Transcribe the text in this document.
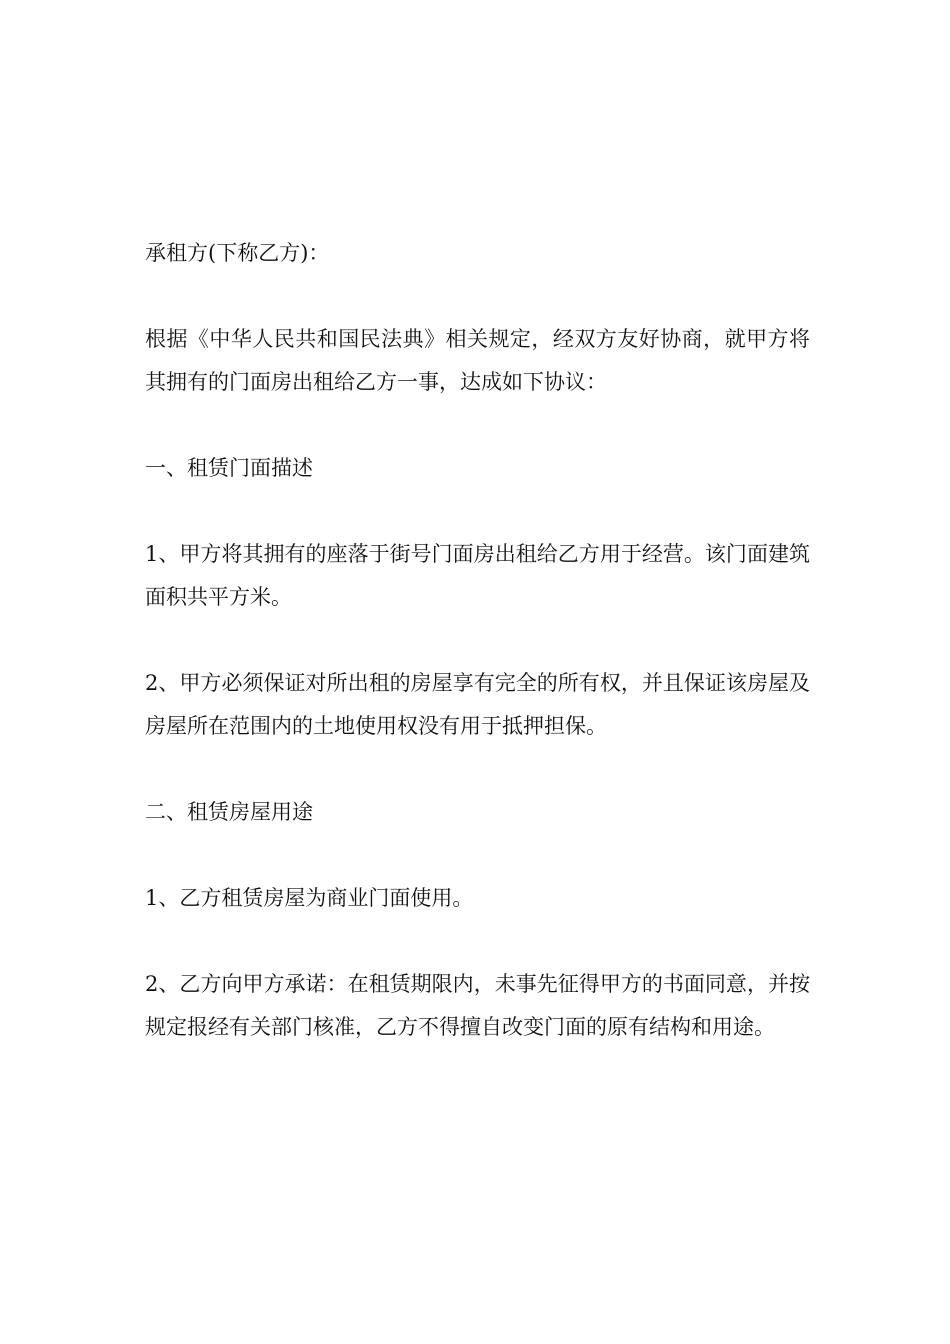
承租方(下称乙方)：

根据《中华人民共和国民法典》相关规定，经双方友好协商，就甲方将其拥有的门面房出租给乙方一事，达成如下协议：

一、租赁门面描述

1、甲方将其拥有的座落于街号门面房出租给乙方用于经营。该门面建筑面积共平方米。

2、甲方必须保证对所出租的房屋享有完全的所有权，并且保证该房屋及房屋所在范围内的土地使用权没有用于抵押担保。

二、租赁房屋用途

1、乙方租赁房屋为商业门面使用。

2、乙方向甲方承诺：在租赁期限内，未事先征得甲方的书面同意，并按规定报经有关部门核准，乙方不得擅自改变门面的原有结构和用途。
